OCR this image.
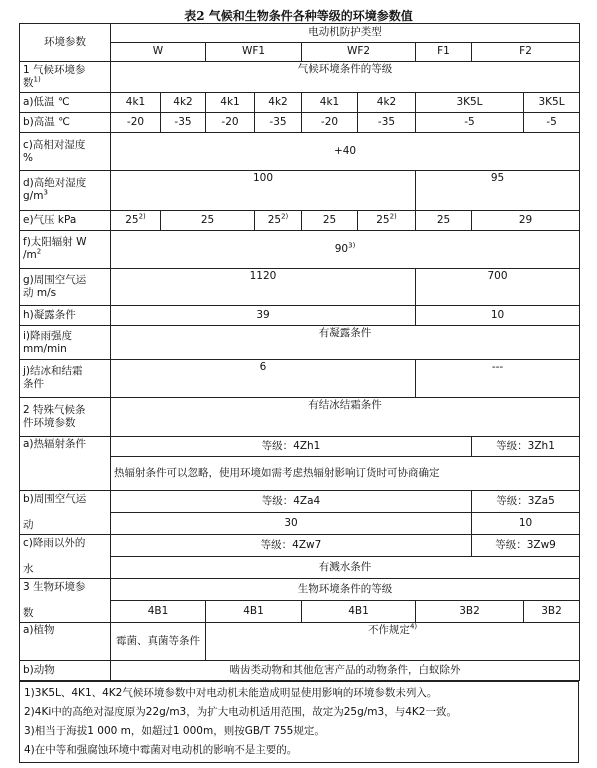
表2 气候和生物条件各种等级的环境参数值
环境参数	电动机防护类型									
	W		WF1		WF2		F1	F2		
1 气候环境参
数$^{1)}$	气候环境条件的等级									
a)低温 ℃	4k1	4k2	4k1	4k2	4k1	4k2	3K5L		3K5L	
b)高温 ℃	-20	-35	-20	-35	-20	-35	-5		-5	
c)高相对湿度
%	+40									
d)高绝对湿度
$g/m^3$	100						95			
e)气压 kPa	25$^{2)}$	25		25$^{2)}$	25	25$^{2)}$	25	29	
f)太阳辐射 W
$/m^2$	90$^{3)}$
g)周围空气运
动 m/s	1120						700			
h)凝露条件	39						10			
i)降雨强度
mm/min	有凝露条件									
j)结冰和结霜
条件	6						---			
2 特殊气候条
件环境参数	有结冰结霜条件									
a)热辐射条件	等级：4Zh1							等级：3Zh1		
	热辐射条件可以忽略，使用环境如需考虑热辐射影响订货时可协商确定									
b)周围空气运

动	等级：4Za4							等级：3Za5		
	30							10		
c)降雨以外的

水	等级：4Zw7							等级：3Zw9		
	有溅水条件									
3 生物环境参

数	生物环境条件的等级									
	4B1		4B1		4B1		3B2		3B2	
a)植物	霉菌、真菌等条件		不作规定$^{4)}$
b)动物	啮齿类动物和其他危害产品的动物条件，白蚁除外									
1)3K5L、4K1、4K2气候环境参数中对电动机未能造成明显使用影响的环境参数未列入。
2)4Ki中的高绝对湿度原为22g/m3，为扩大电动机适用范围，故定为25g/m3，与4K2一致。
3)相当于海拔1 000 m，如超过1 000m，则按GB/T 755规定。
4)在中等和强腐蚀环境中霉菌对电动机的影响不是主要的。
